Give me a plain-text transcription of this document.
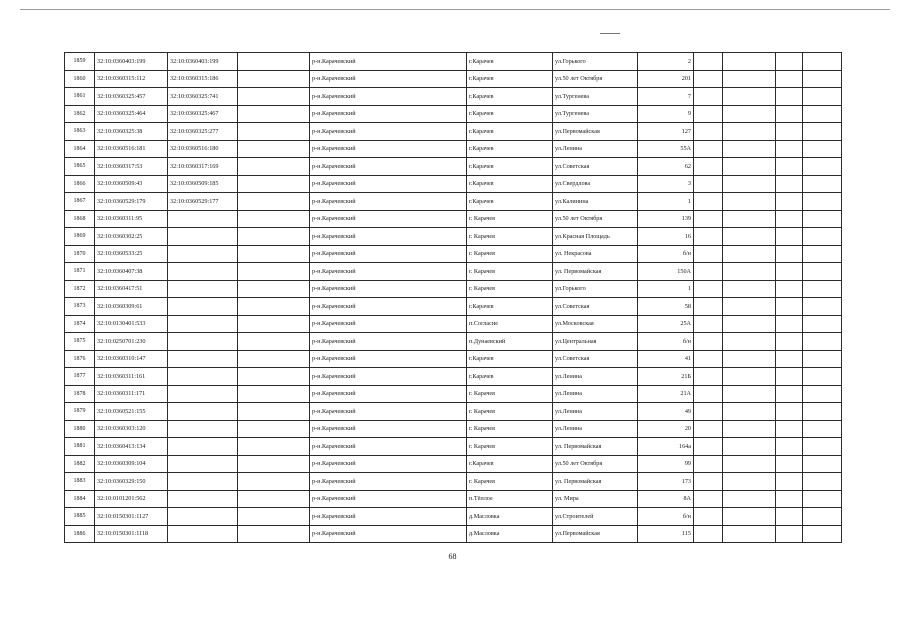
1859	32:10:0360403:199	32:10:0360403:199		р-н.Карачевский	г.Карачев	ул.Горького	2				
1860	32:10:0360315:112	32:10:0360315:186		р-н.Карачевский	г.Карачев	ул.50 лет Октября	201				
1861	32:10:0360325:457	32:10:0360325:741		р-н.Карачевский	г.Карачев	ул.Тургенева	7				
1862	32:10:0360325:464	32:10:0360325:467		р-н.Карачевский	г.Карачев	ул.Тургенева	9				
1863	32:10:0360325:38	32:10:0360325:277		р-н.Карачевский	г.Карачев	ул.Первомайская	127				
1864	32:10:0360516:181	32:10:0360516:180		р-н.Карачевский	г.Карачев	ул.Ленина	55А				
1865	32:10:0360317:53	32:10:0360317:169		р-н.Карачевский	г.Карачев	ул.Советская	62				
1866	32:10:0360509:43	32:10:0360509:185		р-н.Карачевский	г.Карачев	ул.Свердлова	3				
1867	32:10:0360529:179	32:10:0360529:177		р-н.Карачевский	г.Карачев	ул.Калинина	1				
1868	32:10:0360311:95			р-н.Карачевский	г. Карачев	ул.50 лет Октября	139				
1869	32:10:0360302:25			р-н.Карачевский	г. Карачев	ул.Красная Площадь	16				
1870	32:10:0360533:25			р-н.Карачевский	г. Карачев	ул. Некрасова	б/н				
1871	32:10:0360407:38			р-н.Карачевский	г. Карачев	ул. Первомайская	150А				
1872	32:10:0360417:51			р-н.Карачевский	г. Карачев	ул.Горького	1				
1873	32:10:0360309:61			р-н.Карачевский	г.Карачев	ул.Советская	58				
1874	32:10:0130401:533			р-н.Карачевский	п.Согласие	ул.Московская	25А				
1875	32:10:0250701:230			р-н.Карачевский	п.Дунаевский	ул.Центральная	б/н				
1876	32:10:0360310:147			р-н.Карачевский	г.Карачев	ул.Советская	41				
1877	32:10:0360311:161			р-н.Карачевский	г.Карачев	ул.Ленина	21Б				
1878	32:10:0360311:171			р-н.Карачевский	г. Карачев	ул.Ленина	21А				
1879	32:10:0360521:155			р-н.Карачевский	г. Карачев	ул.Ленина	49				
1880	32:10:0360303:120			р-н.Карачевский	г. Карачев	ул.Ленина	20				
1881	32:10:0360413:134			р-н.Карачевский	г. Карачев	ул. Первомайская	164а				
1882	32:10:0360309:104			р-н.Карачевский	г.Карачев	ул.50 лет Октября	99				
1883	32:10:0360329:150			р-н.Карачевский	г. Карачев	ул. Первомайская	173				
1884	32:10:0101201:562			р-н.Карачевский	п.Тёплое	ул. Мира	8А				
1885	32:10:0150301:1127			р-н.Карачевский	д.Масловка	ул.Строителей	б/н				
1886	32:10:0150301:1118			р-н.Карачевский	д.Масловка	ул.Первомайская	115				
68
